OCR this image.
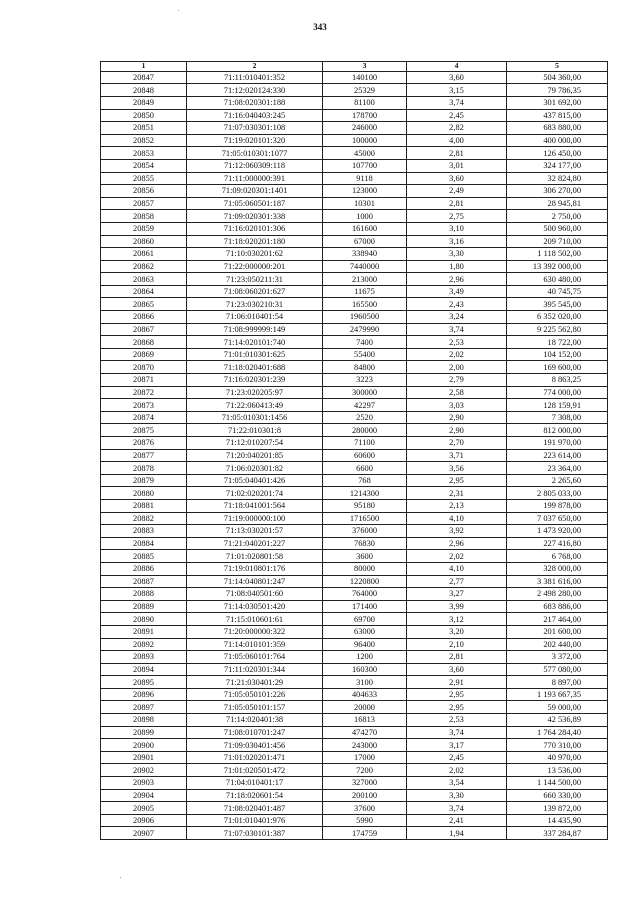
343
1	2	3	4	5
20847	71:11:010401:352	140100	3,60	504 360,00
20848	71:12:020124:330	25329	3,15	79 786,35
20849	71:08:020301:188	81100	3,74	301 692,00
20850	71:16:040403:245	178700	2,45	437 815,00
20851	71:07:030301:108	246000	2,82	683 880,00
20852	71:19:020101:320	100000	4,00	400 000,00
20853	71:05:010301:1077	45000	2,81	126 450,00
20854	71:12:060309:118	107700	3,01	324 177,00
20855	71:11:000000:391	9118	3,60	32 824,80
20856	71:09:020301:1401	123000	2,49	306 270,00
20857	71:05:060501:187	10301	2,81	28 945,81
20858	71:09:020301:338	1000	2,75	2 750,00
20859	71:16:020101:306	161600	3,10	500 960,00
20860	71:18:020201:180	67000	3,16	209 710,00
20861	71:10:030201:62	338940	3,30	1 118 502,00
20862	71:22:000000:201	7440000	1,80	13 392 000,00
20863	71:23:050211:31	213000	2,96	630 480,00
20864	71:08:060201:627	11675	3,49	40 745,75
20865	71:23:030210:31	165500	2,43	395 545,00
20866	71:06:010401:54	1960500	3,24	6 352 020,00
20867	71:08:999999:149	2479990	3,74	9 225 562,80
20868	71:14:020101:740	7400	2,53	18 722,00
20869	71:01:010301:625	55400	2,02	104 152,00
20870	71:18:020401:688	84800	2,00	169 600,00
20871	71:16:020301:239	3223	2,79	8 863,25
20872	71:23:020205:97	300000	2,58	774 000,00
20873	71:22:060413:49	42297	3,03	128 159,91
20874	71:05:010301:1456	2520	2,90	7 308,00
20875	71:22:010301:8	280000	2,90	812 000,00
20876	71:12:010207:54	71100	2,70	191 970,00
20877	71:20:040201:85	60600	3,71	223 614,00
20878	71:06:020301:82	6600	3,56	23 364,00
20879	71:05:040401:426	768	2,95	2 265,60
20880	71:02:020201:74	1214300	2,31	2 805 033,00
20881	71:18:041001:564	95180	2,13	199 878,00
20882	71:19:000000:100	1716500	4,10	7 037 650,00
20883	71:13:030201:57	376000	3,92	1 473 920,00
20884	71:21:040201:227	76830	2,96	227 416,80
20885	71:01:020801:58	3600	2,02	6 768,00
20886	71:19:010801:176	80000	4,10	328 000,00
20887	71:14:040801:247	1220800	2,77	3 381 616,00
20888	71:08:040501:60	764000	3,27	2 498 280,00
20889	71:14:030501:420	171400	3,99	683 886,00
20890	71:15:010601:61	69700	3,12	217 464,00
20891	71:20:000000:322	63000	3,20	201 600,00
20892	71:14:010101:359	96400	2,10	202 440,00
20893	71:05:060101:764	1200	2,81	3 372,00
20894	71:11:020301:344	160300	3,60	577 080,00
20895	71:21:030401:29	3100	2,91	8 897,00
20896	71:05:050101:226	404633	2,95	1 193 667,35
20897	71:05:050101:157	20000	2,95	59 000,00
20898	71:14:020401:38	16813	2,53	42 536,89
20899	71:08:010701:247	474270	3,74	1 764 284,40
20900	71:09:030401:456	243000	3,17	770 310,00
20901	71:01:020201:471	17000	2,45	40 970,00
20902	71:01:020501:472	7200	2,02	13 536,00
20903	71:04:010401:17	327000	3,54	1 144 500,00
20904	71:18:020601:54	200100	3,30	660 330,00
20905	71:08:020401:487	37600	3,74	139 872,00
20906	71:01:010401:976	5990	2,41	14 435,90
20907	71:07:030101:387	174759	1,94	337 284,87
